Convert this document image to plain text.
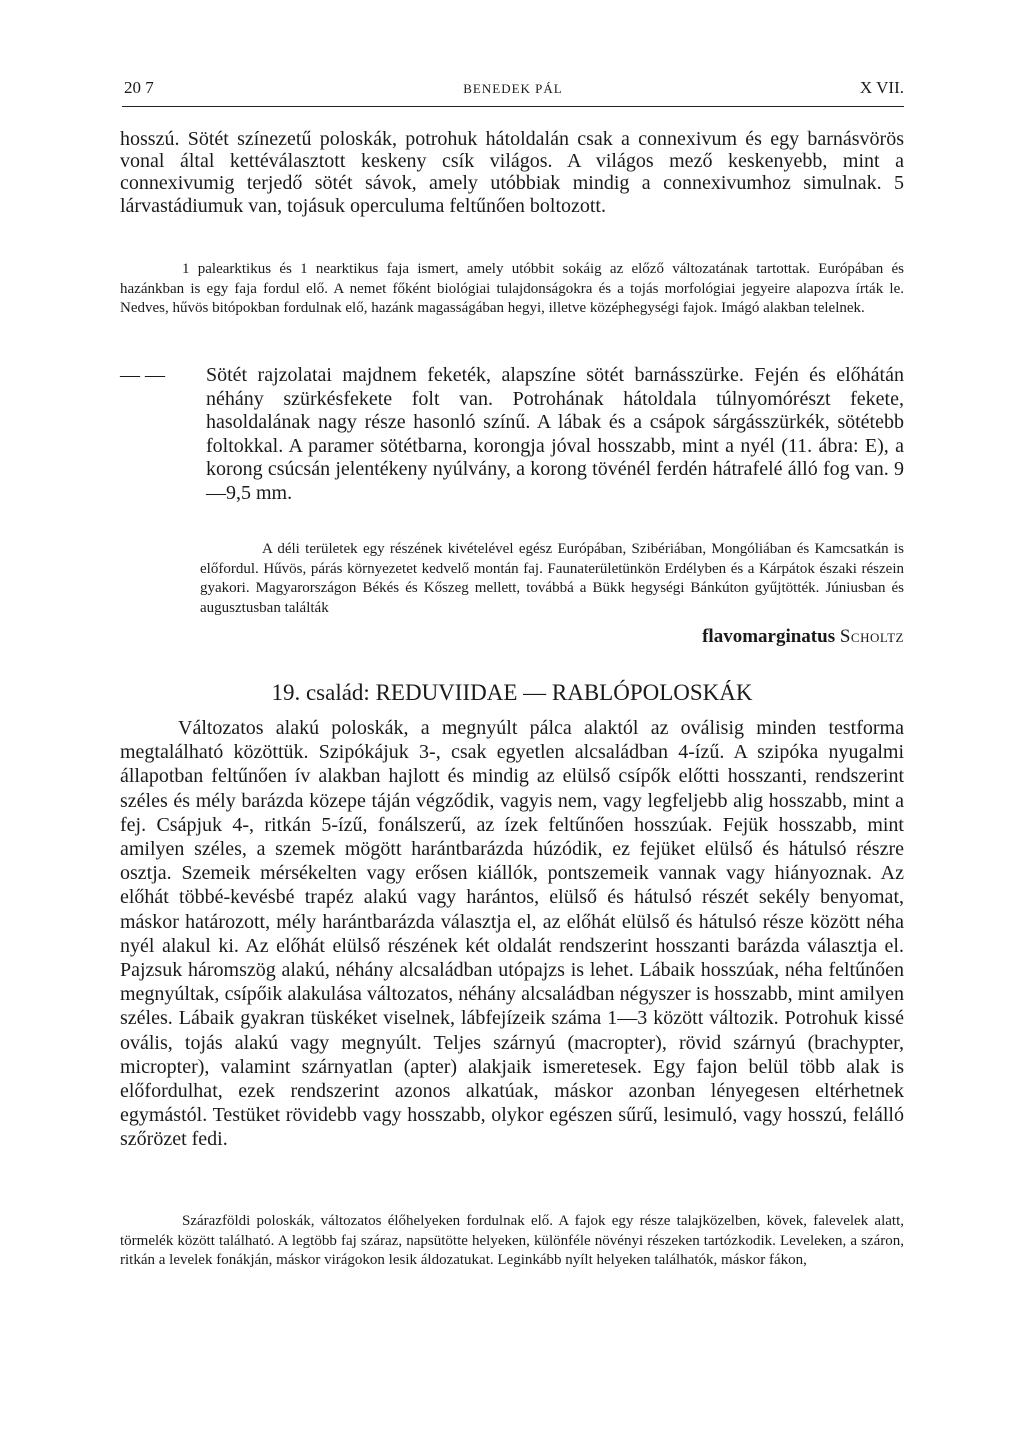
20 7	BENEDEK PÁL	X VII.

hosszú. Sötét színezetű poloskák, potrohuk hátoldalán csak a connexivum és egy barnásvörös vonal által kettéválasztott keskeny csík világos. A világos mező keskenyebb, mint a connexivumig terjedő sötét sávok, amely utóbbiak mindig a connexivumhoz simulnak. 5 lárvastádiumuk van, tojásuk operculuma feltűnően boltozott.

1 palearktikus és 1 nearktikus faja ismert, amely utóbbit sokáig az előző változatának tartottak. Európában és hazánkban is egy faja fordul elő. A nemet főként biológiai tulajdonságokra és a tojás morfológiai jegyeire alapozva írták le. Nedves, hűvös bitópokban fordulnak elő, hazánk magasságában hegyi, illetve középhegységi fajok. Imágó alakban telelnek.

— —	Sötét rajzolatai majdnem feketék, alapszíne sötét barnásszürke. Fején és előhátán néhány szürkésfekete folt van. Potrohának hátoldala túlnyomórészt fekete, hasoldalának nagy része hasonló színű. A lábak és a csápok sárgásszürkék, sötétebb foltokkal. A paramer sötétbarna, korongja jóval hosszabb, mint a nyél (11. ábra: E), a korong csúcsán jelentékeny nyúlvány, a korong tövénél ferdén hátrafelé álló fog van. 9—9,5 mm.

A déli területek egy részének kivételével egész Európában, Szibériában, Mongóliában és Kamcsatkán is előfordul. Hűvös, párás környezetet kedvelő montán faj. Faunaterületünkön Erdélyben és a Kárpátok északi részein gyakori. Magyarországon Békés és Kőszeg mellett, továbbá a Bükk hegységi Bánkúton gyűjtötték. Júniusban és augusztusban találták

flavomarginatus Scholtz
19. család: REDUVIIDAE — RABLÓPOLOSKÁK

Változatos alakú poloskák, a megnyúlt pálca alaktól az oválisig minden testforma megtalálható közöttük. Szipókájuk 3-, csak egyetlen alcsaládban 4-ízű. A szipóka nyugalmi állapotban feltűnően ív alakban hajlott és mindig az elülső csípők előtti hosszanti, rendszerint széles és mély barázda közepe táján végződik, vagyis nem, vagy legfeljebb alig hosszabb, mint a fej. Csápjuk 4-, ritkán 5-ízű, fonálszerű, az ízek feltűnően hosszúak. Fejük hosszabb, mint amilyen széles, a szemek mögött harántbarázda húzódik, ez fejüket elülső és hátulsó részre osztja. Szemeik mérsékelten vagy erősen kiállók, pontszemeik vannak vagy hiányoznak. Az előhát többé-kevésbé trapéz alakú vagy harántos, elülső és hátulsó részét sekély benyomat, máskor határozott, mély harántbarázda választja el, az előhát elülső és hátulsó része között néha nyél alakul ki. Az előhát elülső részének két oldalát rendszerint hosszanti barázda választja el. Pajzsuk háromszög alakú, néhány alcsaládban utópajzs is lehet. Lábaik hosszúak, néha feltűnően megnyúltak, csípőik alakulása változatos, néhány alcsaládban négyszer is hosszabb, mint amilyen széles. Lábaik gyakran tüskéket viselnek, lábfejízeik száma 1—3 között változik. Potrohuk kissé ovális, tojás alakú vagy megnyúlt. Teljes szárnyú (macropter), rövid szárnyú (brachypter, micropter), valamint szárnyatlan (apter) alakjaik ismeretesek. Egy fajon belül több alak is előfordulhat, ezek rendszerint azonos alkatúak, máskor azonban lényegesen eltérhetnek egymástól. Testüket rövidebb vagy hosszabb, olykor egészen sűrű, lesimuló, vagy hosszú, felálló szőrözet fedi.

Szárazföldi poloskák, változatos élőhelyeken fordulnak elő. A fajok egy része talajközelben, kövek, falevelek alatt, törmelék között található. A legtöbb faj száraz, napsütötte helyeken, különféle növényi részeken tartózkodik. Leveleken, a száron, ritkán a levelek fonákján, máskor virágokon lesik áldozatukat. Leginkább nyílt helyeken találhatók, máskor fákon,
